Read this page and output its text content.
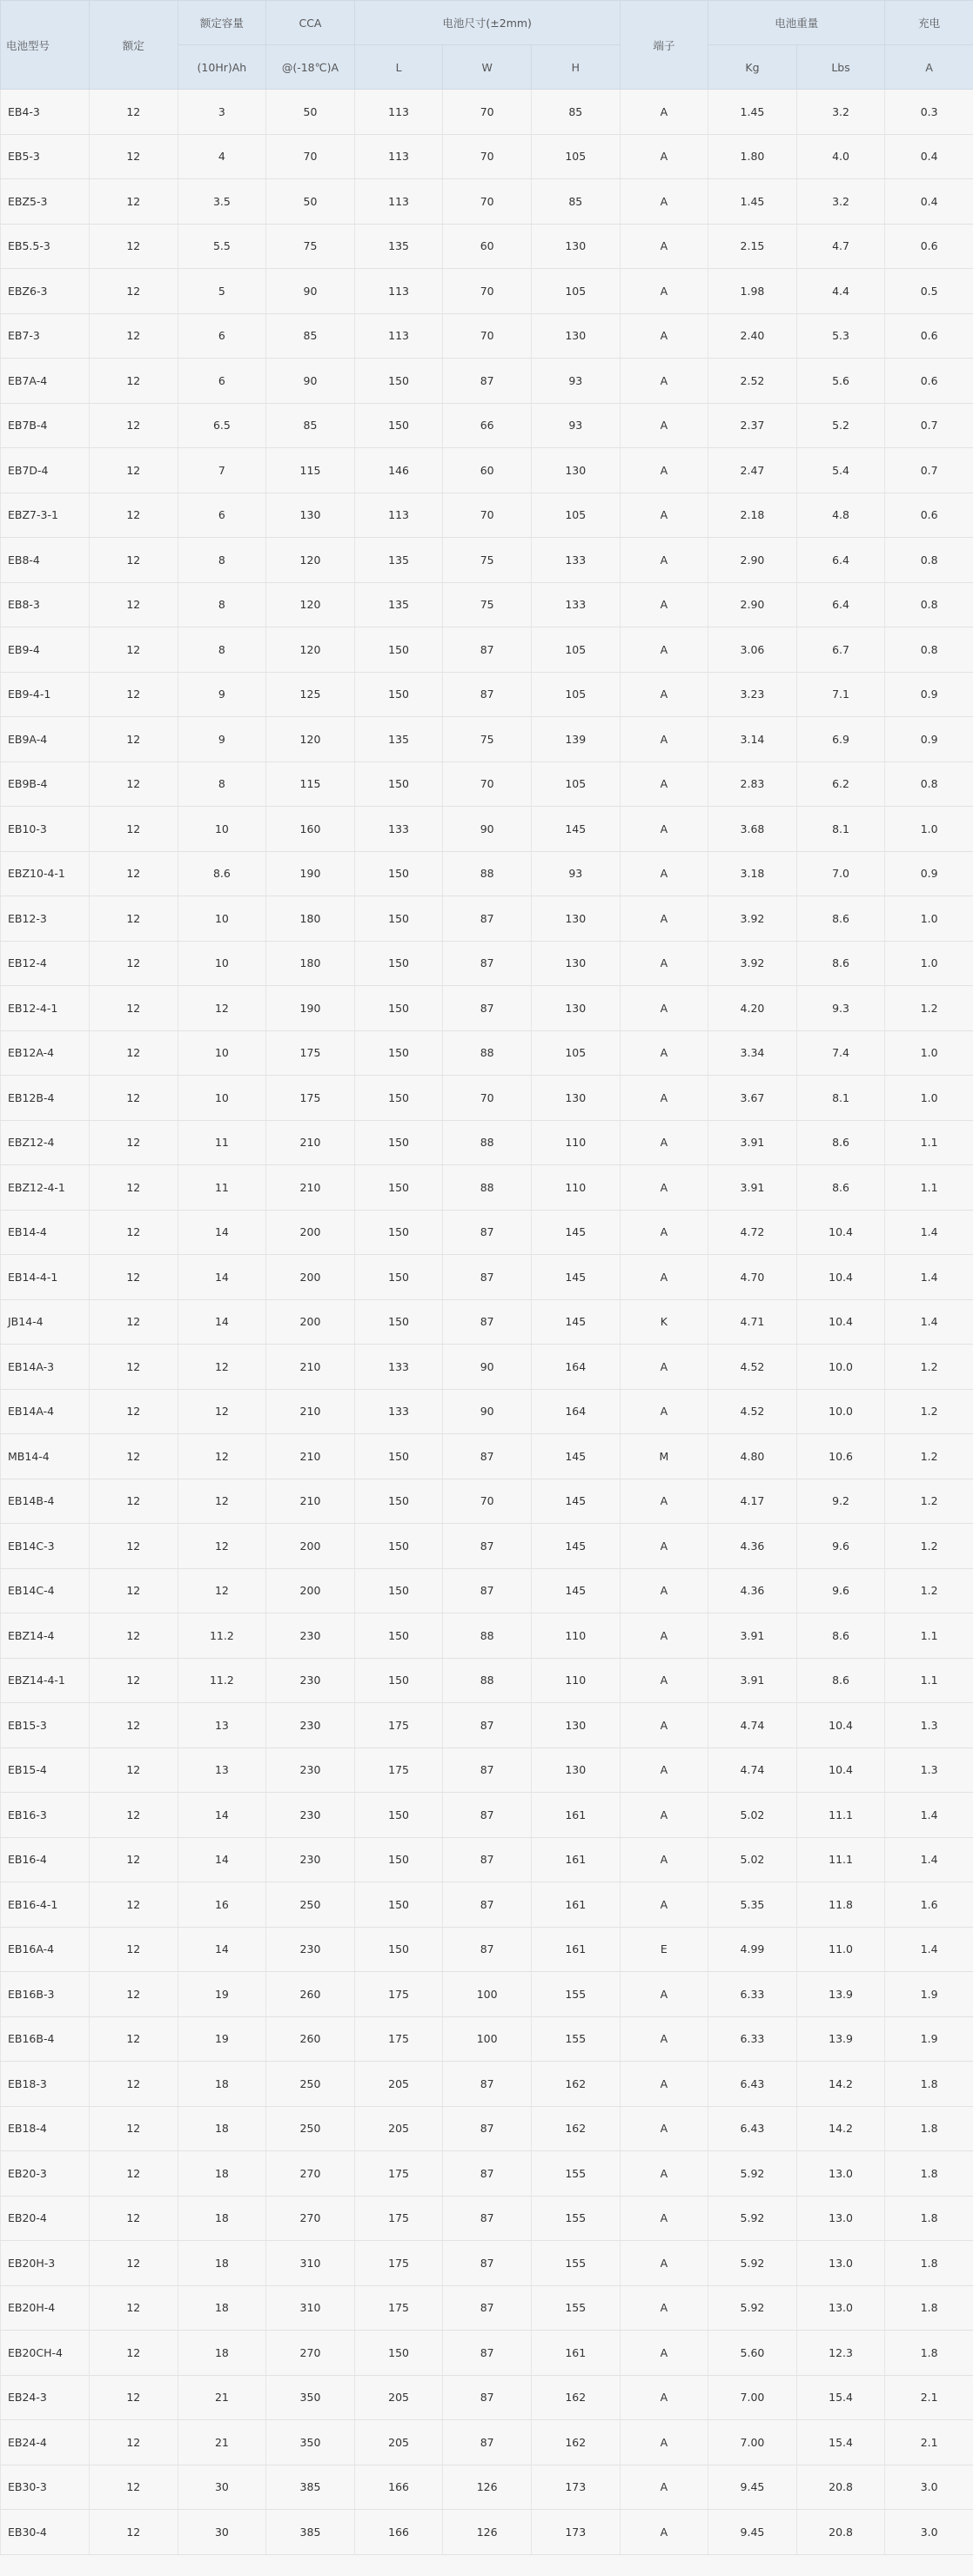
电池型号	额定	额定容量	CCA	电池尺寸(±2mm)			端子	电池重量		充电
		(10Hr)Ah	@(-18℃)A	L	W	H		Kg	Lbs	A
EB4-3	12	3	50	113	70	85	A	1.45	3.2	0.3
EB5-3	12	4	70	113	70	105	A	1.80	4.0	0.4
EBZ5-3	12	3.5	50	113	70	85	A	1.45	3.2	0.4
EB5.5-3	12	5.5	75	135	60	130	A	2.15	4.7	0.6
EBZ6-3	12	5	90	113	70	105	A	1.98	4.4	0.5
EB7-3	12	6	85	113	70	130	A	2.40	5.3	0.6
EB7A-4	12	6	90	150	87	93	A	2.52	5.6	0.6
EB7B-4	12	6.5	85	150	66	93	A	2.37	5.2	0.7
EB7D-4	12	7	115	146	60	130	A	2.47	5.4	0.7
EBZ7-3-1	12	6	130	113	70	105	A	2.18	4.8	0.6
EB8-4	12	8	120	135	75	133	A	2.90	6.4	0.8
EB8-3	12	8	120	135	75	133	A	2.90	6.4	0.8
EB9-4	12	8	120	150	87	105	A	3.06	6.7	0.8
EB9-4-1	12	9	125	150	87	105	A	3.23	7.1	0.9
EB9A-4	12	9	120	135	75	139	A	3.14	6.9	0.9
EB9B-4	12	8	115	150	70	105	A	2.83	6.2	0.8
EB10-3	12	10	160	133	90	145	A	3.68	8.1	1.0
EBZ10-4-1	12	8.6	190	150	88	93	A	3.18	7.0	0.9
EB12-3	12	10	180	150	87	130	A	3.92	8.6	1.0
EB12-4	12	10	180	150	87	130	A	3.92	8.6	1.0
EB12-4-1	12	12	190	150	87	130	A	4.20	9.3	1.2
EB12A-4	12	10	175	150	88	105	A	3.34	7.4	1.0
EB12B-4	12	10	175	150	70	130	A	3.67	8.1	1.0
EBZ12-4	12	11	210	150	88	110	A	3.91	8.6	1.1
EBZ12-4-1	12	11	210	150	88	110	A	3.91	8.6	1.1
EB14-4	12	14	200	150	87	145	A	4.72	10.4	1.4
EB14-4-1	12	14	200	150	87	145	A	4.70	10.4	1.4
JB14-4	12	14	200	150	87	145	K	4.71	10.4	1.4
EB14A-3	12	12	210	133	90	164	A	4.52	10.0	1.2
EB14A-4	12	12	210	133	90	164	A	4.52	10.0	1.2
MB14-4	12	12	210	150	87	145	M	4.80	10.6	1.2
EB14B-4	12	12	210	150	70	145	A	4.17	9.2	1.2
EB14C-3	12	12	200	150	87	145	A	4.36	9.6	1.2
EB14C-4	12	12	200	150	87	145	A	4.36	9.6	1.2
EBZ14-4	12	11.2	230	150	88	110	A	3.91	8.6	1.1
EBZ14-4-1	12	11.2	230	150	88	110	A	3.91	8.6	1.1
EB15-3	12	13	230	175	87	130	A	4.74	10.4	1.3
EB15-4	12	13	230	175	87	130	A	4.74	10.4	1.3
EB16-3	12	14	230	150	87	161	A	5.02	11.1	1.4
EB16-4	12	14	230	150	87	161	A	5.02	11.1	1.4
EB16-4-1	12	16	250	150	87	161	A	5.35	11.8	1.6
EB16A-4	12	14	230	150	87	161	E	4.99	11.0	1.4
EB16B-3	12	19	260	175	100	155	A	6.33	13.9	1.9
EB16B-4	12	19	260	175	100	155	A	6.33	13.9	1.9
EB18-3	12	18	250	205	87	162	A	6.43	14.2	1.8
EB18-4	12	18	250	205	87	162	A	6.43	14.2	1.8
EB20-3	12	18	270	175	87	155	A	5.92	13.0	1.8
EB20-4	12	18	270	175	87	155	A	5.92	13.0	1.8
EB20H-3	12	18	310	175	87	155	A	5.92	13.0	1.8
EB20H-4	12	18	310	175	87	155	A	5.92	13.0	1.8
EB20CH-4	12	18	270	150	87	161	A	5.60	12.3	1.8
EB24-3	12	21	350	205	87	162	A	7.00	15.4	2.1
EB24-4	12	21	350	205	87	162	A	7.00	15.4	2.1
EB30-3	12	30	385	166	126	173	A	9.45	20.8	3.0
EB30-4	12	30	385	166	126	173	A	9.45	20.8	3.0
